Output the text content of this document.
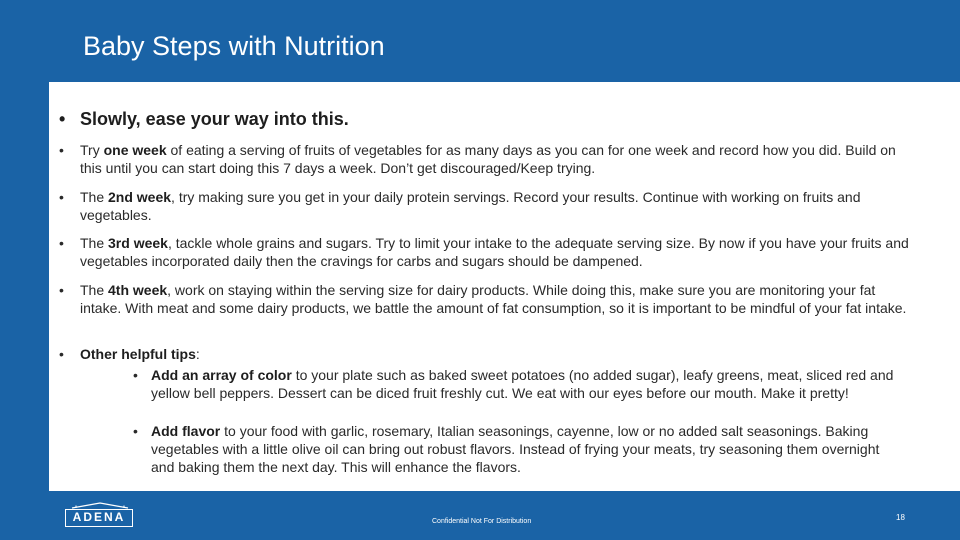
Baby Steps with Nutrition
• Slowly, ease your way into this.
• Try one week of eating a serving of fruits of vegetables for as many days as you can for one week and record how you did. Build on this until you can start doing this 7 days a week. Don’t get discouraged/Keep trying.
• The 2nd week, try making sure you get in your daily protein servings. Record your results. Continue with working on fruits and vegetables.
• The 3rd week, tackle whole grains and sugars. Try to limit your intake to the adequate serving size. By now if you have your fruits and vegetables incorporated daily then the cravings for carbs and sugars should be dampened.
• The 4th week, work on staying within the serving size for dairy products. While doing this, make sure you are monitoring your fat intake. With meat and some dairy products, we battle the amount of fat consumption, so it is important to be mindful of your fat intake.
• Other helpful tips:
• Add an array of color to your plate such as baked sweet potatoes (no added sugar), leafy greens, meat, sliced red and yellow bell peppers. Dessert can be diced fruit freshly cut. We eat with our eyes before our mouth. Make it pretty!
• Add flavor to your food with garlic, rosemary, Italian seasonings, cayenne, low or no added salt seasonings. Baking vegetables with a little olive oil can bring out robust flavors. Instead of frying your meats, try seasoning them overnight and baking them the next day. This will enhance the flavors.
ADENA	Confidential Not For Distribution	18
